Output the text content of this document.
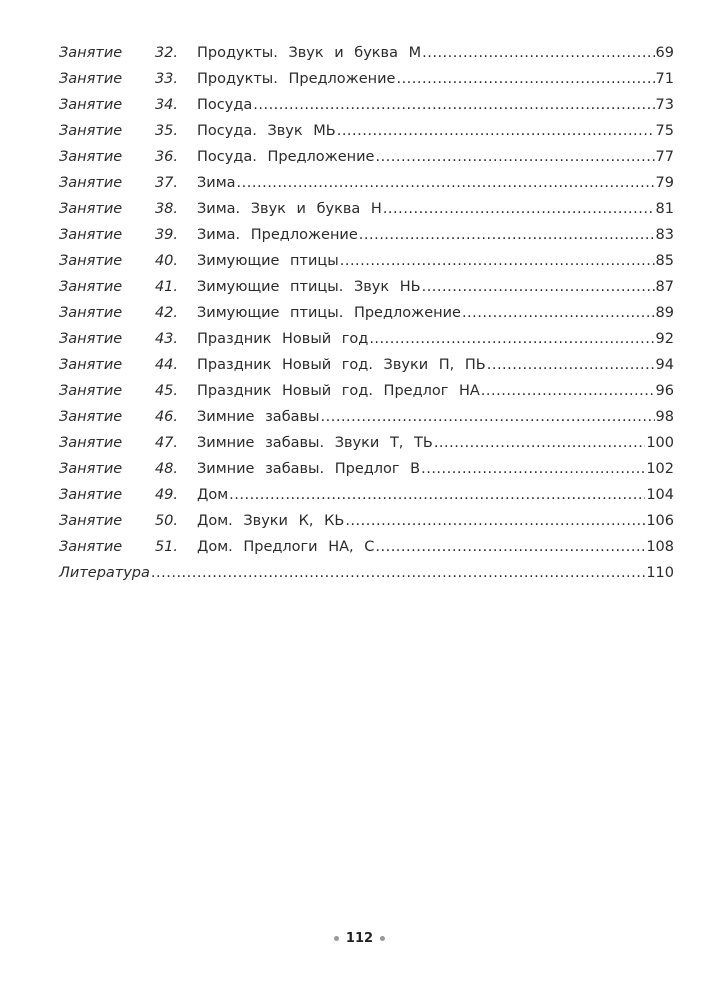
Занятие	32. Продукты. Звук и буква М .....	69
Занятие	33. Продукты. Предложение .....	71
Занятие	34. Посуда .....	73
Занятие	35. Посуда. Звук МЬ .....	75
Занятие	36. Посуда. Предложение .....	77
Занятие	37. Зима .....	79
Занятие	38. Зима. Звук и буква Н .....	81
Занятие	39. Зима. Предложение .....	83
Занятие	40. Зимующие птицы .....	85
Занятие	41. Зимующие птицы. Звук НЬ .....	87
Занятие	42. Зимующие птицы. Предложение .....	89
Занятие	43. Праздник Новый год .....	92
Занятие	44. Праздник Новый год. Звуки П, ПЬ .....	94
Занятие	45. Праздник Новый год. Предлог НА .....	96
Занятие	46. Зимние забавы .....	98
Занятие	47. Зимние забавы. Звуки Т, ТЬ .....	100
Занятие	48. Зимние забавы. Предлог В .....	102
Занятие	49. Дом .....	104
Занятие	50. Дом. Звуки К, КЬ .....	106
Занятие	51. Дом. Предлоги НА, С .....	108
Литература .....	110
112
